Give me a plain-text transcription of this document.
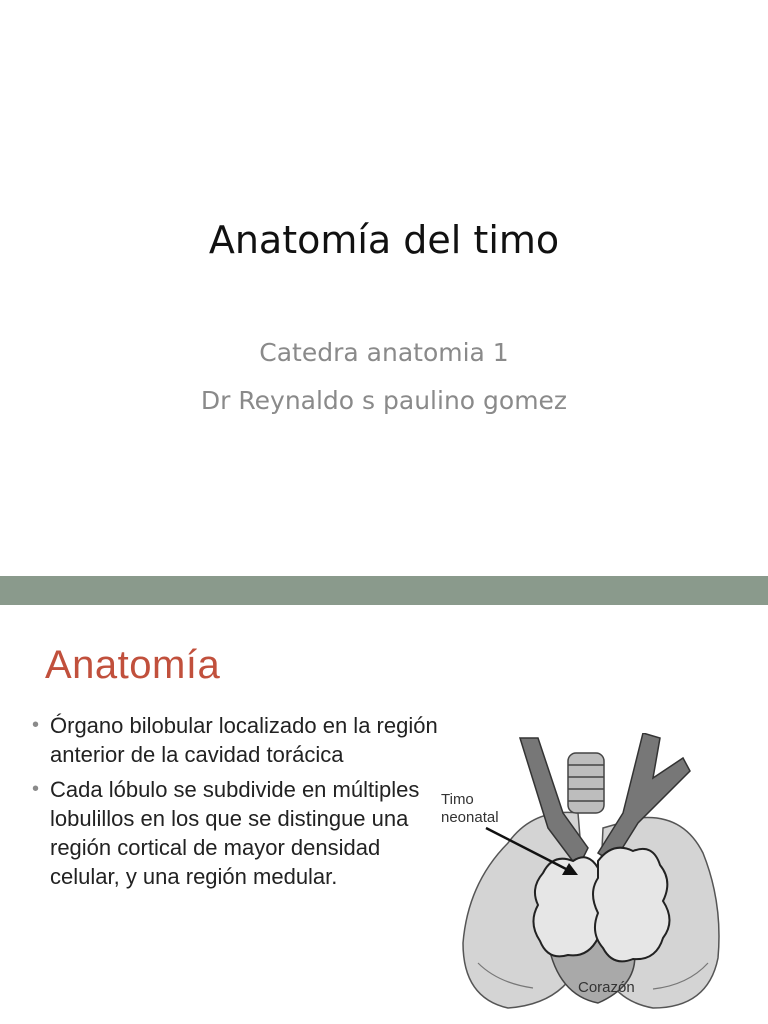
Anatomía del timo
Catedra anatomia 1
Dr Reynaldo s paulino gomez
Anatomía
• Órgano bilobular localizado en la región anterior de la cavidad torácica
• Cada lóbulo se subdivide en múltiples lobulillos en los que se distingue una región cortical de mayor densidad celular, y una región medular.
Timo
neonatal
Corazón
